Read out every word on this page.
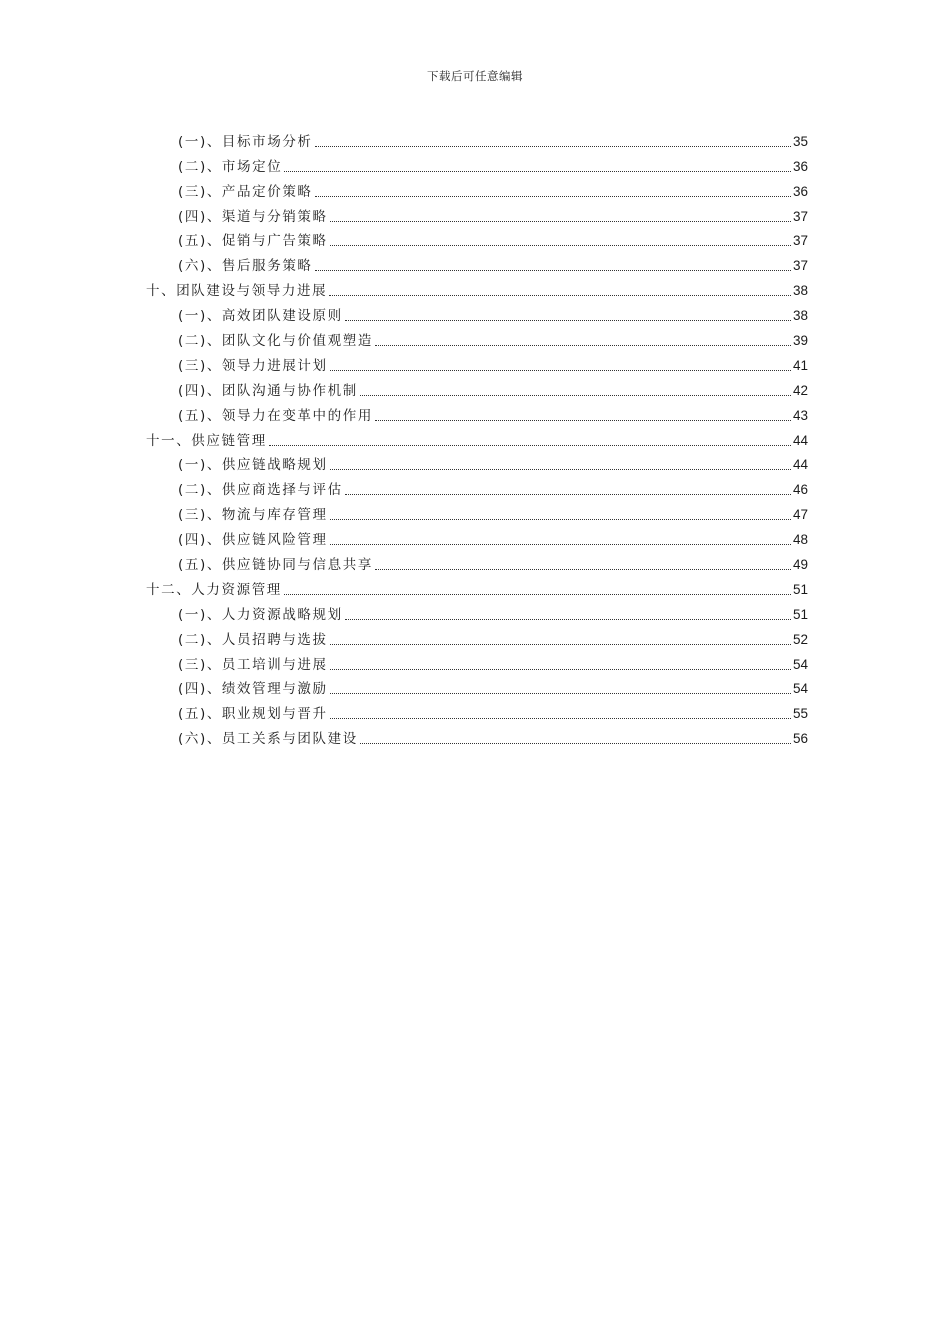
下载后可任意编辑
(一)、目标市场分析	35
(二)、市场定位	36
(三)、产品定价策略	36
(四)、渠道与分销策略	37
(五)、促销与广告策略	37
(六)、售后服务策略	37
十、团队建设与领导力进展	38
(一)、高效团队建设原则	38
(二)、团队文化与价值观塑造	39
(三)、领导力进展计划	41
(四)、团队沟通与协作机制	42
(五)、领导力在变革中的作用	43
十一、供应链管理	44
(一)、供应链战略规划	44
(二)、供应商选择与评估	46
(三)、物流与库存管理	47
(四)、供应链风险管理	48
(五)、供应链协同与信息共享	49
十二、人力资源管理	51
(一)、人力资源战略规划	51
(二)、人员招聘与选拔	52
(三)、员工培训与进展	54
(四)、绩效管理与激励	54
(五)、职业规划与晋升	55
(六)、员工关系与团队建设	56
